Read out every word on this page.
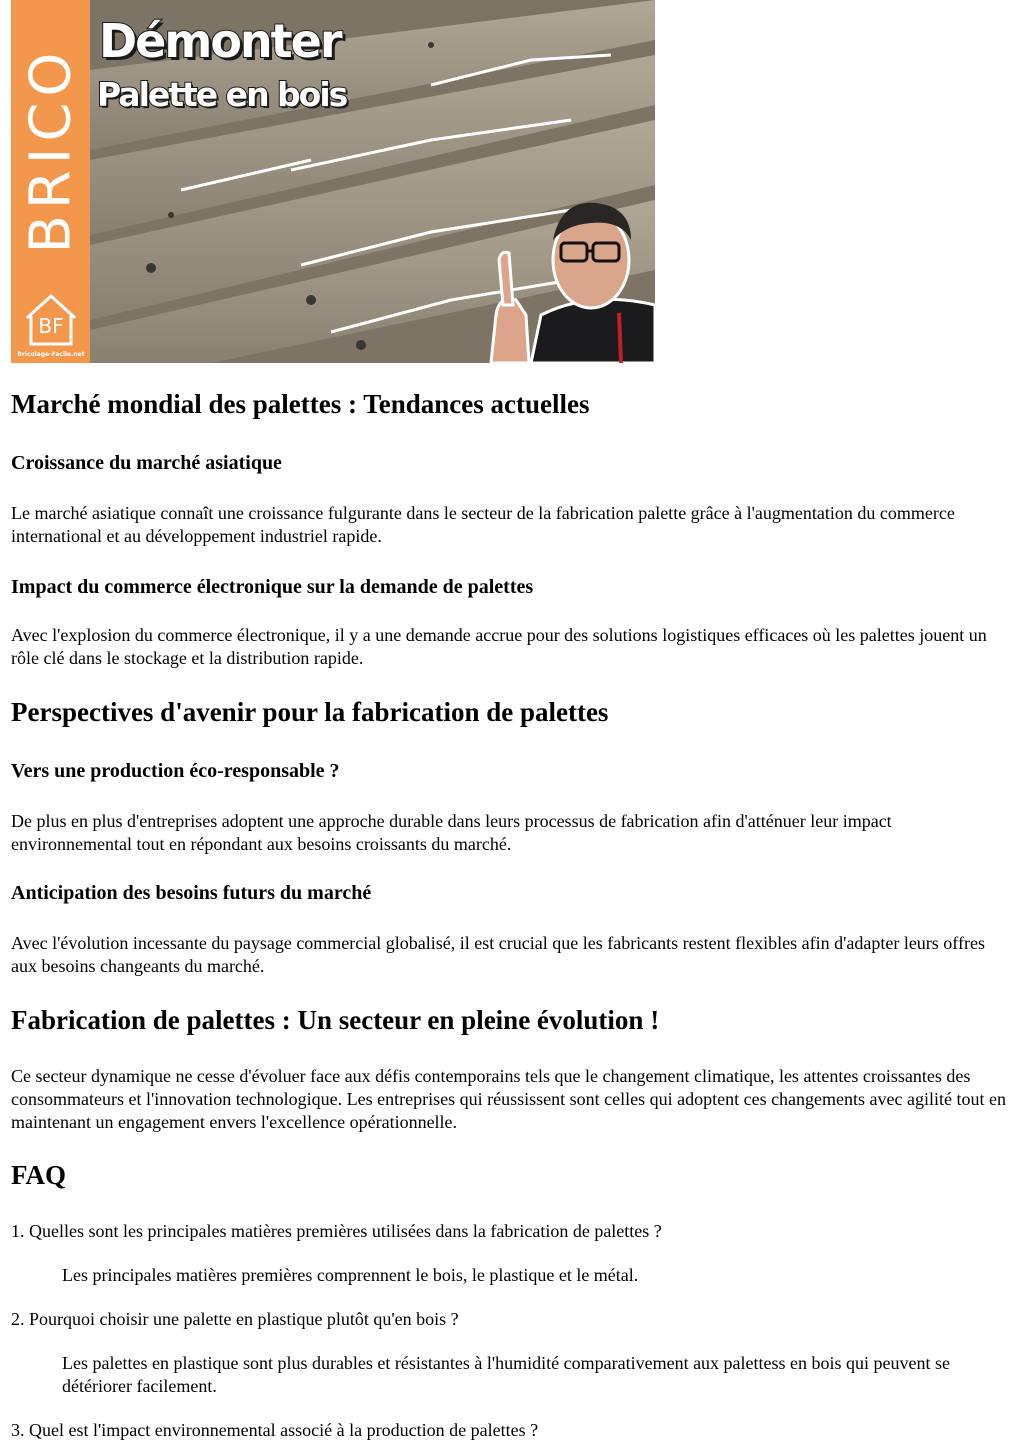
BRICO
BF
Bricolage-Facile.net
Démonter
Palette en bois
Marché mondial des palettes : Tendances actuelles
Croissance du marché asiatique

Le marché asiatique connaît une croissance fulgurante dans le secteur de la fabrication palette grâce à l'augmentation du commerce international et au développement industriel rapide.

Impact du commerce électronique sur la demande de palettes

Avec l'explosion du commerce électronique, il y a une demande accrue pour des solutions logistiques efficaces où les palettes jouent un rôle clé dans le stockage et la distribution rapide.

Perspectives d'avenir pour la fabrication de palettes
Vers une production éco-responsable ?

De plus en plus d'entreprises adoptent une approche durable dans leurs processus de fabrication afin d'atténuer leur impact environnemental tout en répondant aux besoins croissants du marché.

Anticipation des besoins futurs du marché

Avec l'évolution incessante du paysage commercial globalisé, il est crucial que les fabricants restent flexibles afin d'adapter leurs offres aux besoins changeants du marché.

Fabrication de palettes : Un secteur en pleine évolution !

Ce secteur dynamique ne cesse d'évoluer face aux défis contemporains tels que le changement climatique, les attentes croissantes des consommateurs et l'innovation technologique. Les entreprises qui réussissent sont celles qui adoptent ces changements avec agilité tout en maintenant un engagement envers l'excellence opérationnelle.

FAQ
1. Quelles sont les principales matières premières utilisées dans la fabrication de palettes ?
Les principales matières premières comprennent le bois, le plastique et le métal.
2. Pourquoi choisir une palette en plastique plutôt qu'en bois ?
Les palettes en plastique sont plus durables et résistantes à l'humidité comparativement aux palettess en bois qui peuvent se détériorer facilement.
3. Quel est l'impact environnemental associé à la production de palettes ?
